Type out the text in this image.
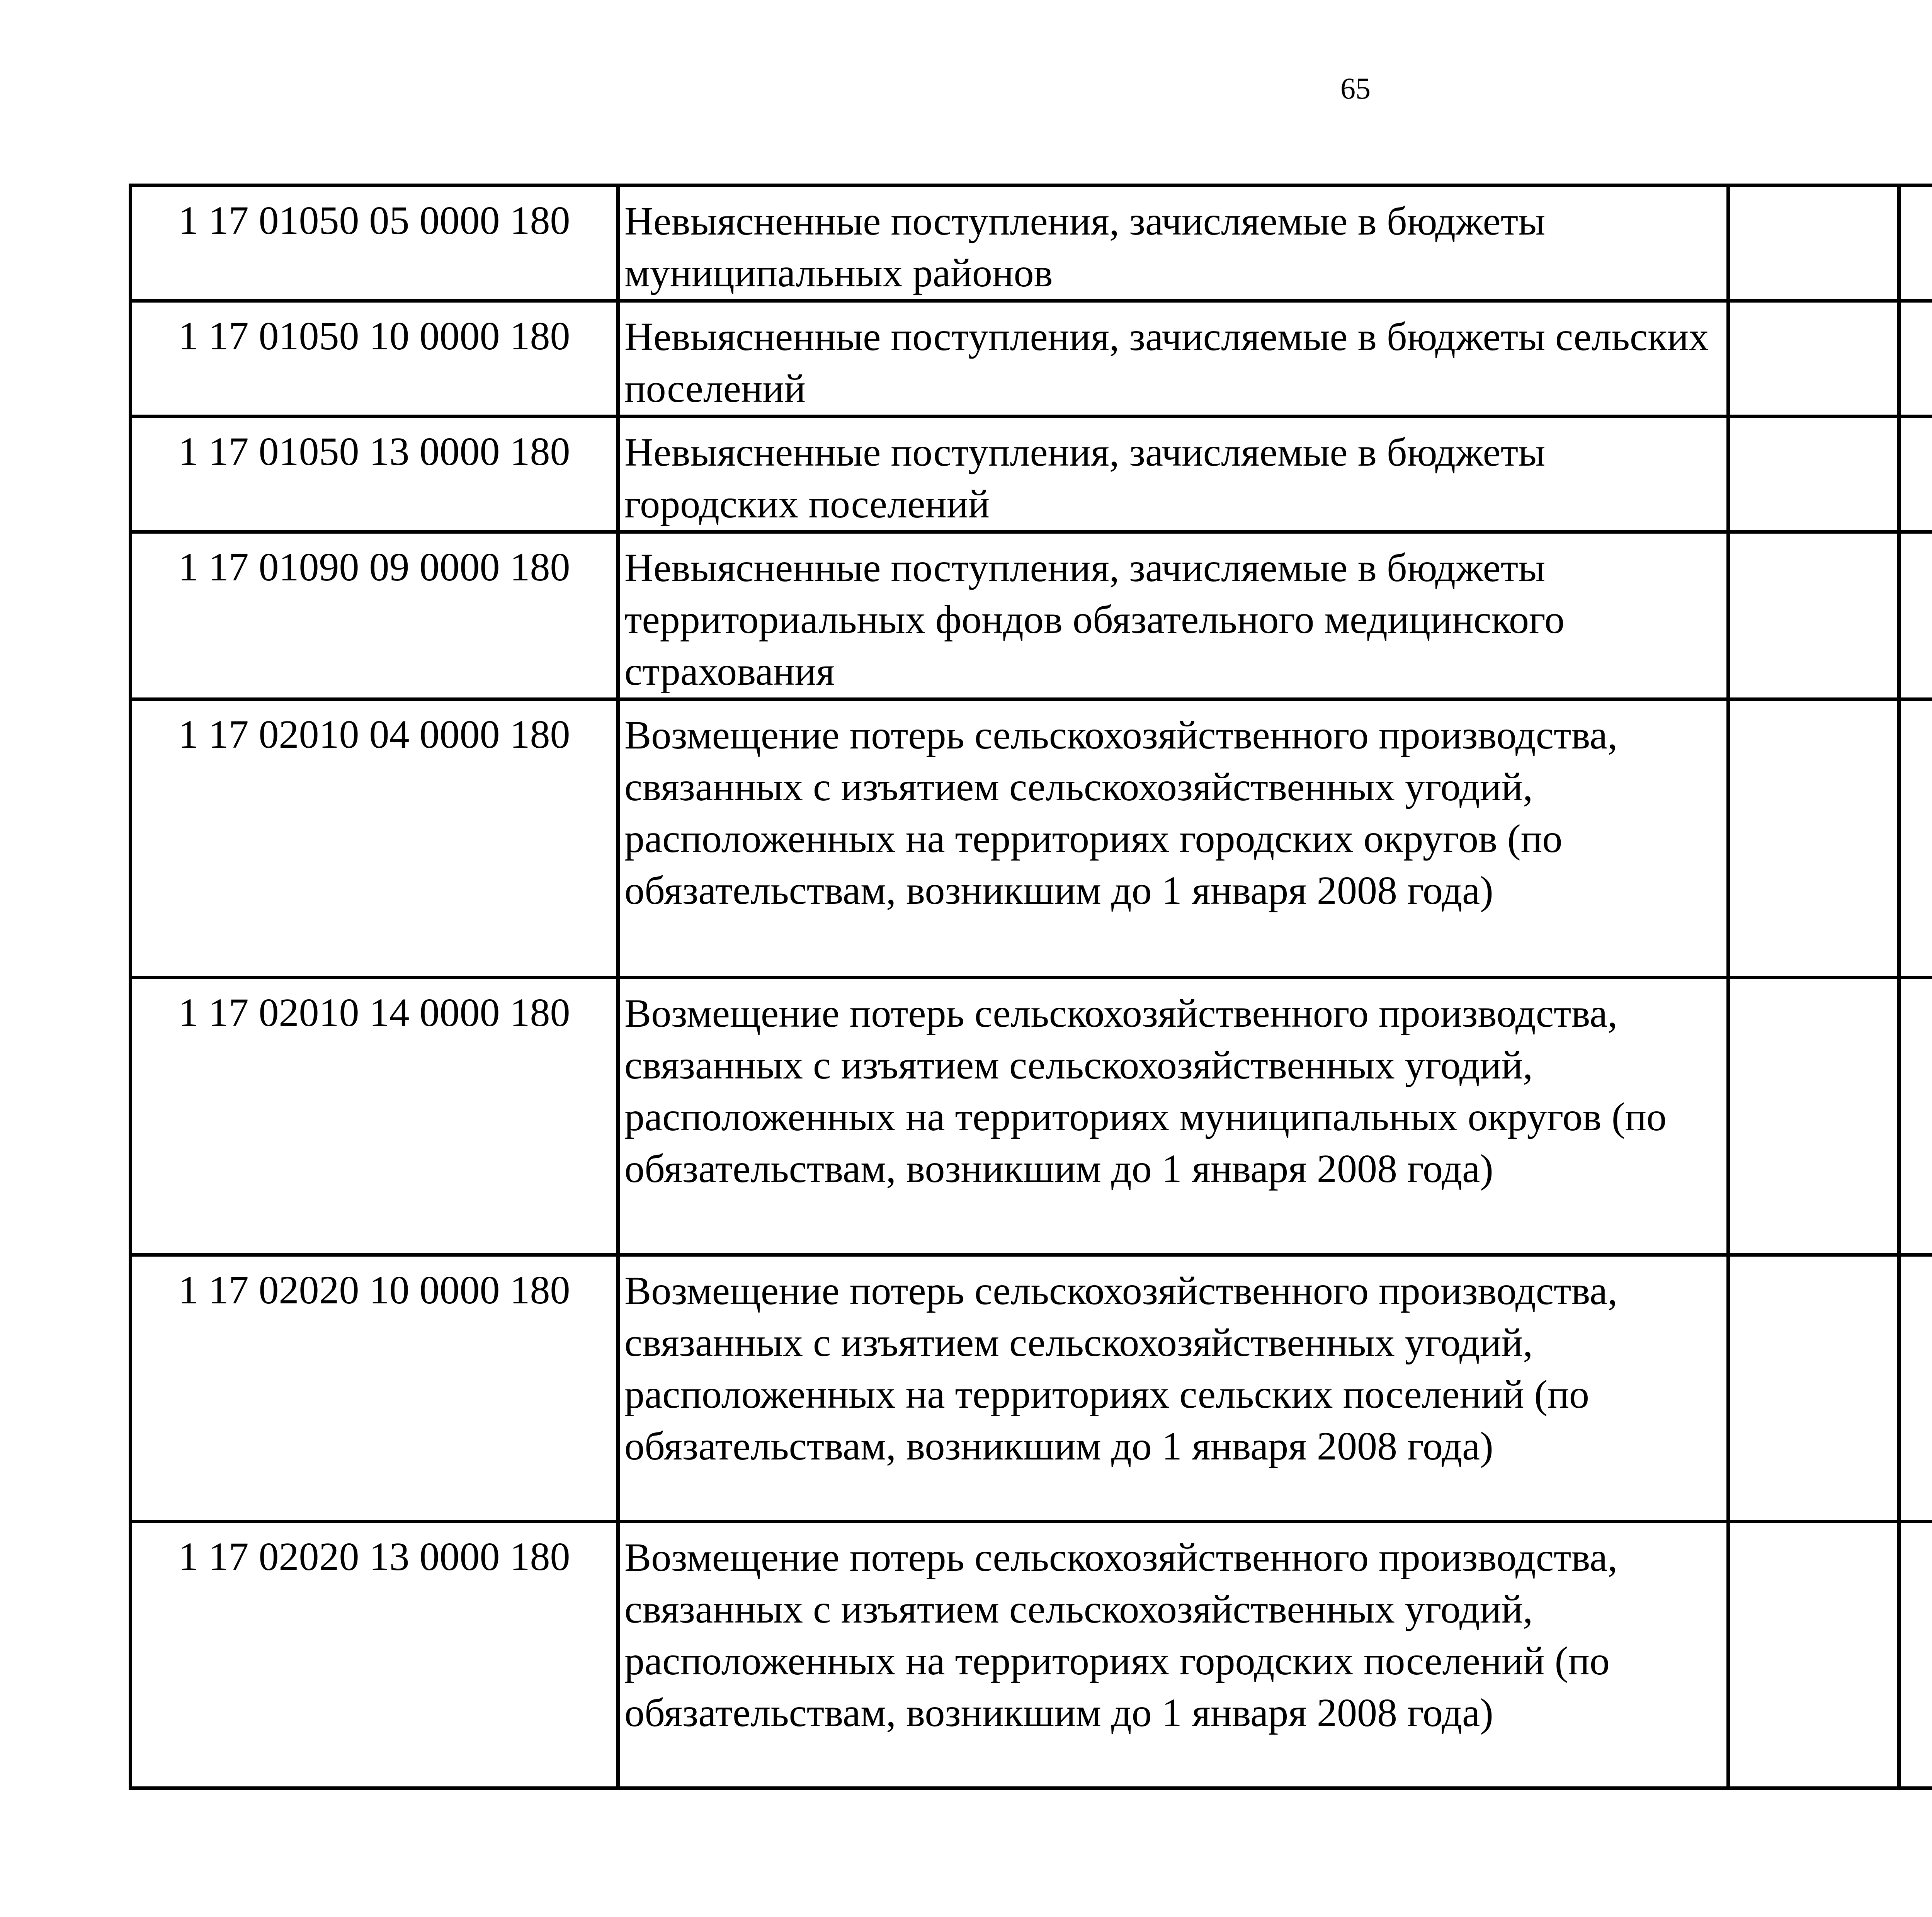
65
1 17 01050 05 0000 180	Невыясненные поступления, зачисляемые в бюджеты муниципальных районов					
1 17 01050 10 0000 180	Невыясненные поступления, зачисляемые в бюджеты сельских поселений					
1 17 01050 13 0000 180	Невыясненные поступления, зачисляемые в бюджеты городских поселений					
1 17 01090 09 0000 180	Невыясненные поступления, зачисляемые в бюджеты территориальных фондов обязательного медицинского страхования					
1 17 02010 04 0000 180	Возмещение потерь сельскохозяйственного производства, связанных с изъятием сельскохозяйственных угодий, расположенных на территориях городских округов (по обязательствам, возникшим до 1 января 2008 года)					
1 17 02010 14 0000 180	Возмещение потерь сельскохозяйственного производства, связанных с изъятием сельскохозяйственных угодий, расположенных на территориях муниципальных округов (по обязательствам, возникшим до 1 января 2008 года)					
1 17 02020 10 0000 180	Возмещение потерь сельскохозяйственного производства, связанных с изъятием сельскохозяйственных угодий, расположенных на территориях сельских поселений (по обязательствам, возникшим до 1 января 2008 года)					
1 17 02020 13 0000 180	Возмещение потерь сельскохозяйственного производства, связанных с изъятием сельскохозяйственных угодий, расположенных на территориях городских поселений (по обязательствам, возникшим до 1 января 2008 года)					
